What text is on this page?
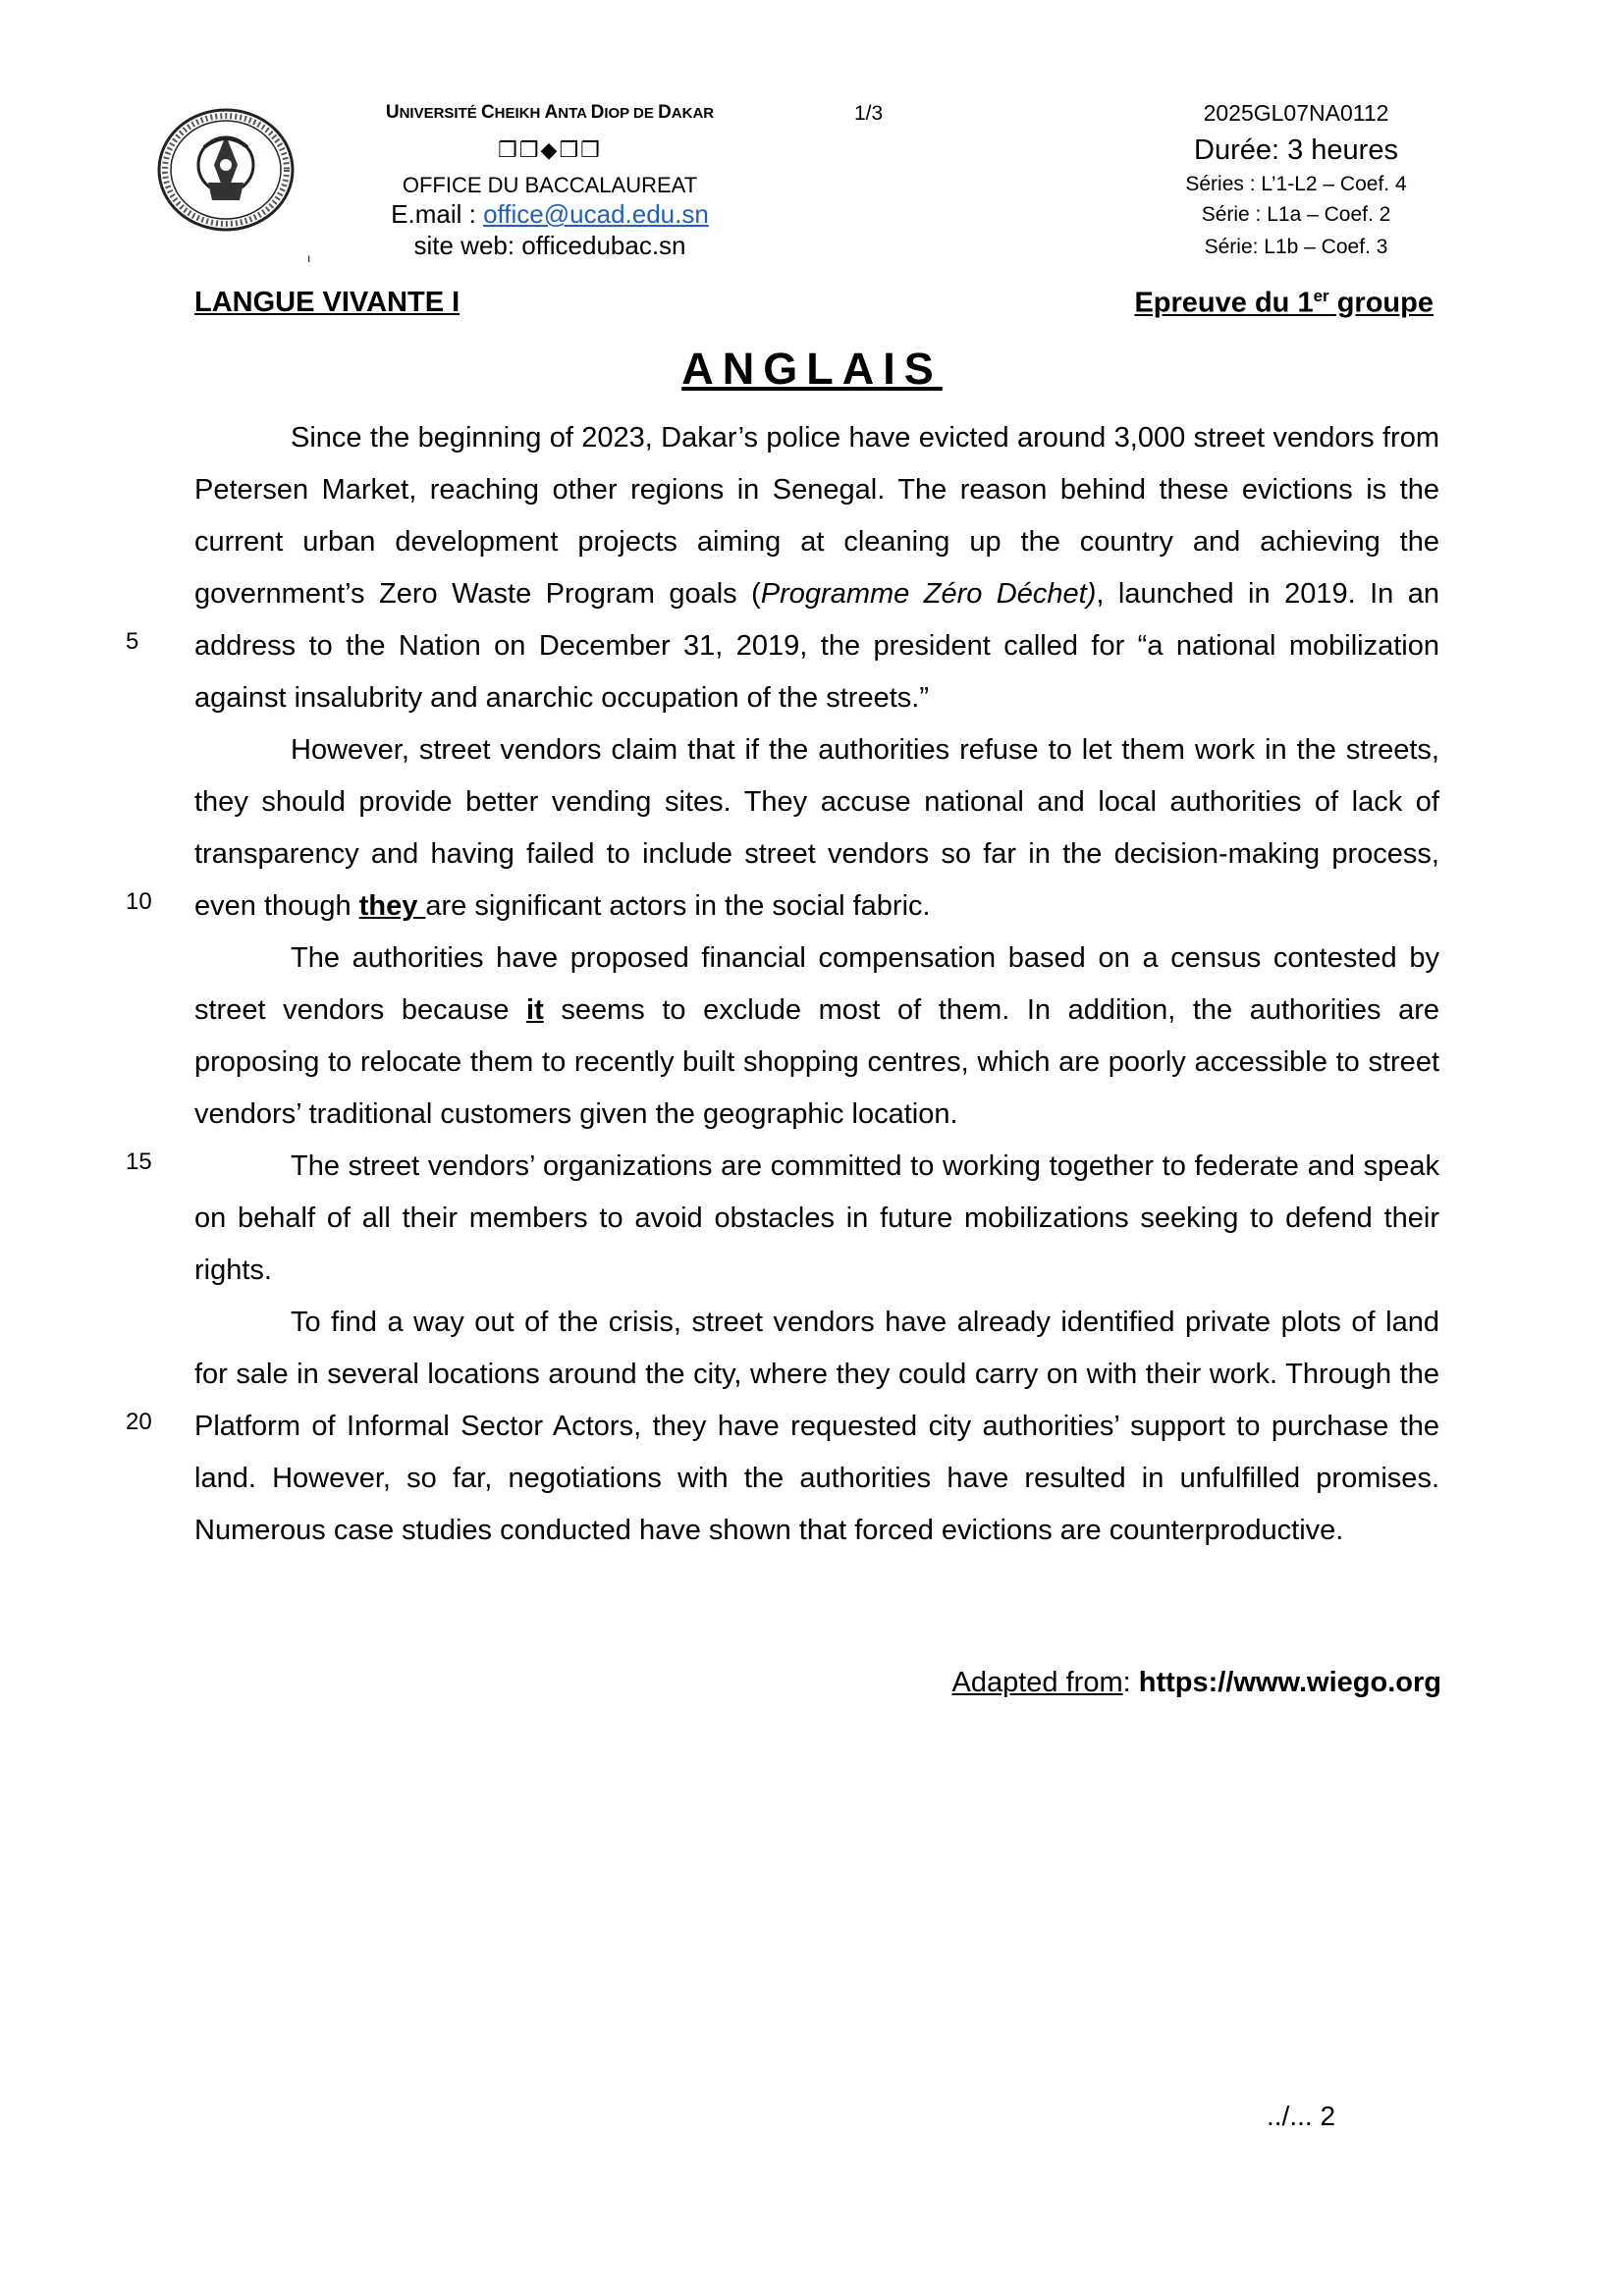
UNIVERSITÉ CHEIKH ANTA DIOP DE DAKAR	1/3
❒❒◆❒❒
OFFICE DU BACCALAUREAT
E.mail : office@ucad.edu.sn
site web: officedubac.sn
ı
2025GL07NA0112
Durée: 3 heures
Séries : L’1-L2 – Coef. 4
Série : L1a – Coef. 2
Série: L1b – Coef. 3
LANGUE VIVANTE I	Epreuve du 1er groupe
ANGLAIS
5
10
15
20

Since the beginning of 2023, Dakar’s police have evicted around 3,000 street vendors from Petersen Market, reaching other regions in Senegal. The reason behind these evictions is the current urban development projects aiming at cleaning up the country and achieving the government’s Zero Waste Program goals (Programme Zéro Déchet), launched in 2019. In an address to the Nation on December 31, 2019, the president called for “a national mobilization against insalubrity and anarchic occupation of the streets.”

However, street vendors claim that if the authorities refuse to let them work in the streets, they should provide better vending sites. They accuse national and local authorities of lack of transparency and having failed to include street vendors so far in the decision-making process, even though they are significant actors in the social fabric.

The authorities have proposed financial compensation based on a census contested by street vendors because it seems to exclude most of them. In addition, the authorities are proposing to relocate them to recently built shopping centres, which are poorly accessible to street vendors’ traditional customers given the geographic location.

The street vendors’ organizations are committed to working together to federate and speak on behalf of all their members to avoid obstacles in future mobilizations seeking to defend their rights.

To find a way out of the crisis, street vendors have already identified private plots of land for sale in several locations around the city, where they could carry on with their work. Through the Platform of Informal Sector Actors, they have requested city authorities’ support to purchase the land. However, so far, negotiations with the authorities have resulted in unfulfilled promises. Numerous case studies conducted have shown that forced evictions are counterproductive.

Adapted from: https://www.wiego.org
../... 2
